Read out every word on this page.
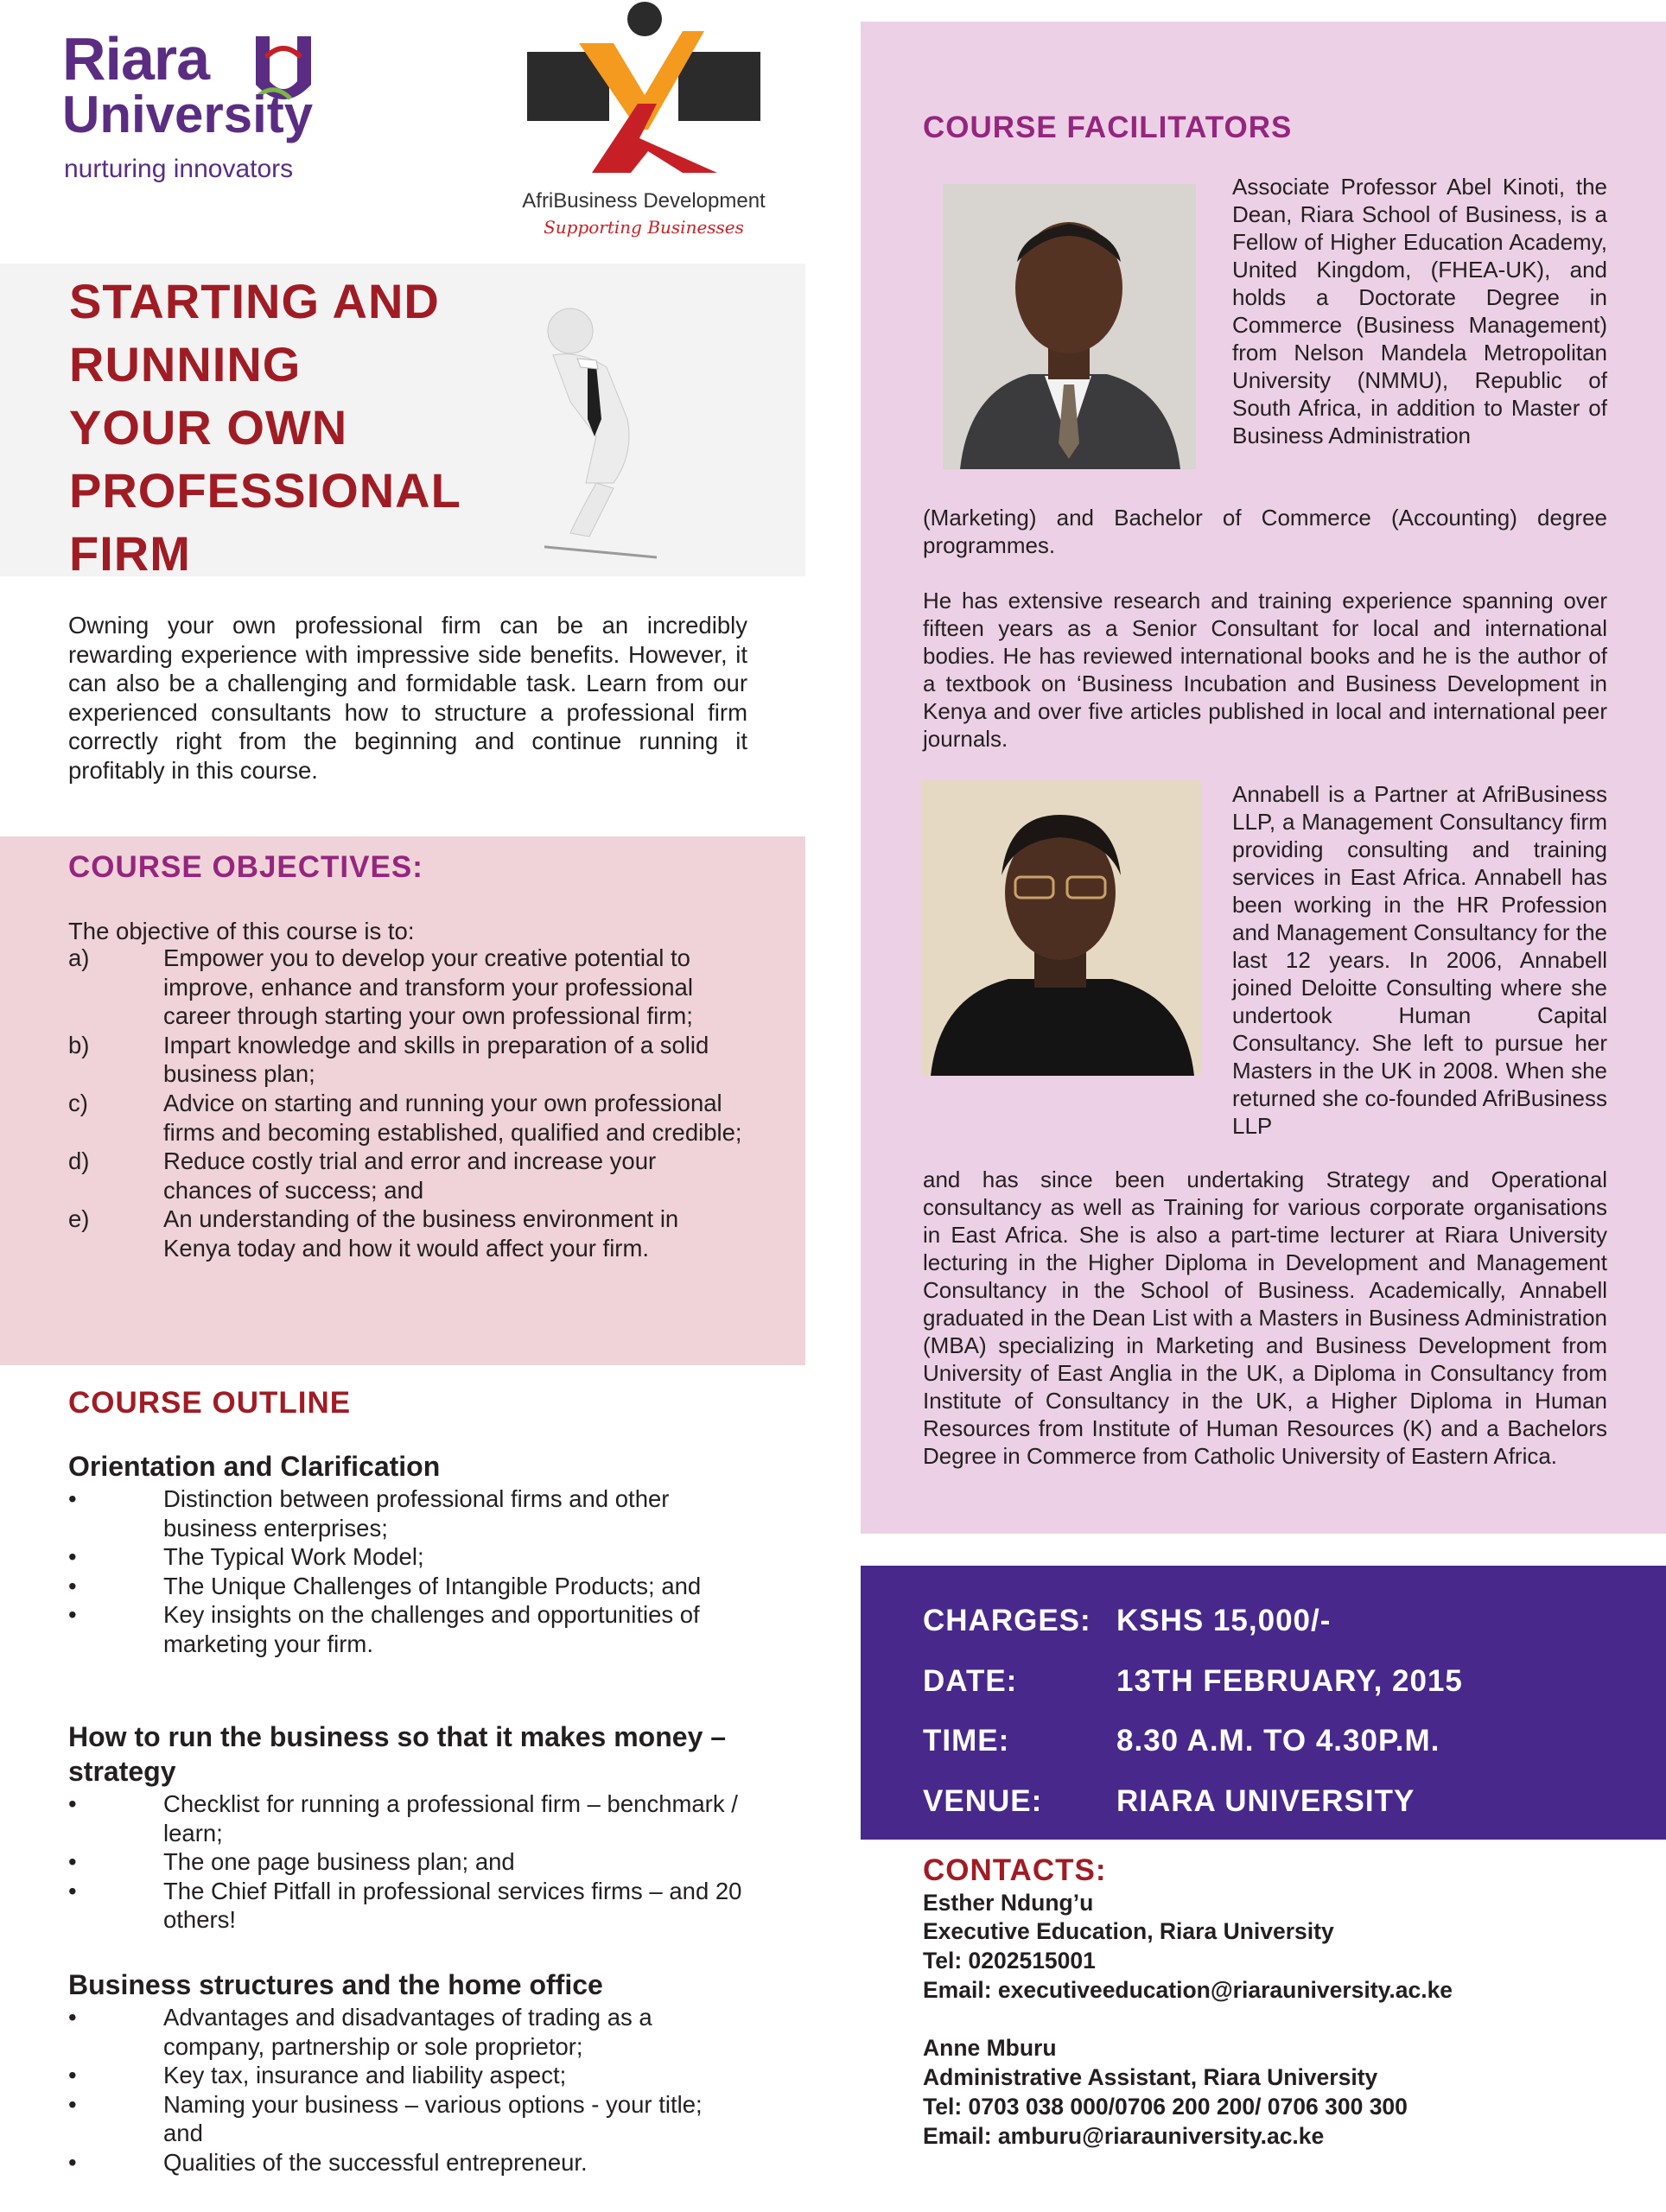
Riara
University
nurturing innovators
AfriBusiness Development
Supporting Businesses
STARTING AND
RUNNING
YOUR OWN
PROFESSIONAL
FIRM

Owning your own professional firm can be an incredibly rewarding experience with impressive side benefits. However, it can also be a challenging and formidable task. Learn from our experienced consultants how to structure a professional firm correctly right from the beginning and continue running it profitably in this course.

COURSE OBJECTIVES:

The objective of this course is to:

a)	Empower you to develop your creative potential to improve, enhance and transform your professional career through starting your own professional firm;
b)	Impart knowledge and skills in preparation of a solid business plan;
c)	Advice on starting and running your own professional firms and becoming established, qualified and credible;
d)	Reduce costly trial and error and increase your chances of success; and
e)	An understanding of the business environment in Kenya today and how it would affect your firm.
COURSE OUTLINE
Orientation and Clarification
•	Distinction between professional firms and other business enterprises;
•	The Typical Work Model;
•	The Unique Challenges of Intangible Products; and
•	Key insights on the challenges and opportunities of marketing your firm.
How to run the business so that it makes money – strategy
•	Checklist for running a professional firm – benchmark / learn;
•	The one page business plan; and
•	The Chief Pitfall in professional services firms – and 20 others!
Business structures and the home office
•	Advantages and disadvantages of trading as a company, partnership or sole proprietor;
•	Key tax, insurance and liability aspect;
•	Naming your business – various options - your title; and
•	Qualities of the successful entrepreneur.
COURSE FACILITATORS

Associate Professor Abel Kinoti, the Dean, Riara School of Business, is a Fellow of Higher Education Academy, United Kingdom, (FHEA-UK), and holds a Doctorate Degree in Commerce (Business Management) from Nelson Mandela Metropolitan University (NMMU), Republic of South Africa, in addition to Master of Business Administration

(Marketing) and Bachelor of Commerce (Accounting) degree programmes.

He has extensive research and training experience spanning over fifteen years as a Senior Consultant for local and international bodies. He has reviewed international books and he is the author of a textbook on ‘Business Incubation and Business Development in Kenya and over five articles published in local and international peer journals.

Annabell is a Partner at AfriBusiness LLP, a Management Consultancy firm providing consulting and training services in East Africa. Annabell has been working in the HR Profession and Management Consultancy for the last 12 years. In 2006, Annabell joined Deloitte Consulting where she undertook Human Capital Consultancy. She left to pursue her Masters in the UK in 2008. When she returned she co-founded AfriBusiness LLP

and has since been undertaking Strategy and Operational consultancy as well as Training for various corporate organisations in East Africa. She is also a part-time lecturer at Riara University lecturing in the Higher Diploma in Development and Management Consultancy in the School of Business. Academically, Annabell graduated in the Dean List with a Masters in Business Administration (MBA) specializing in Marketing and Business Development from University of East Anglia in the UK, a Diploma in Consultancy from Institute of Consultancy in the UK, a Higher Diploma in Human Resources from Institute of Human Resources (K) and a Bachelors Degree in Commerce from Catholic University of Eastern Africa.

CHARGES: KSHS 15,000/-
DATE:	13TH FEBRUARY, 2015
TIME:	8.30 A.M. TO 4.30P.M.
VENUE: RIARA UNIVERSITY
CONTACTS:
Esther Ndung’u
Executive Education, Riara University
Tel: 0202515001
Email: executiveeducation@riarauniversity.ac.ke
Anne Mburu
Administrative Assistant, Riara University
Tel: 0703 038 000/0706 200 200/ 0706 300 300
Email: amburu@riarauniversity.ac.ke
